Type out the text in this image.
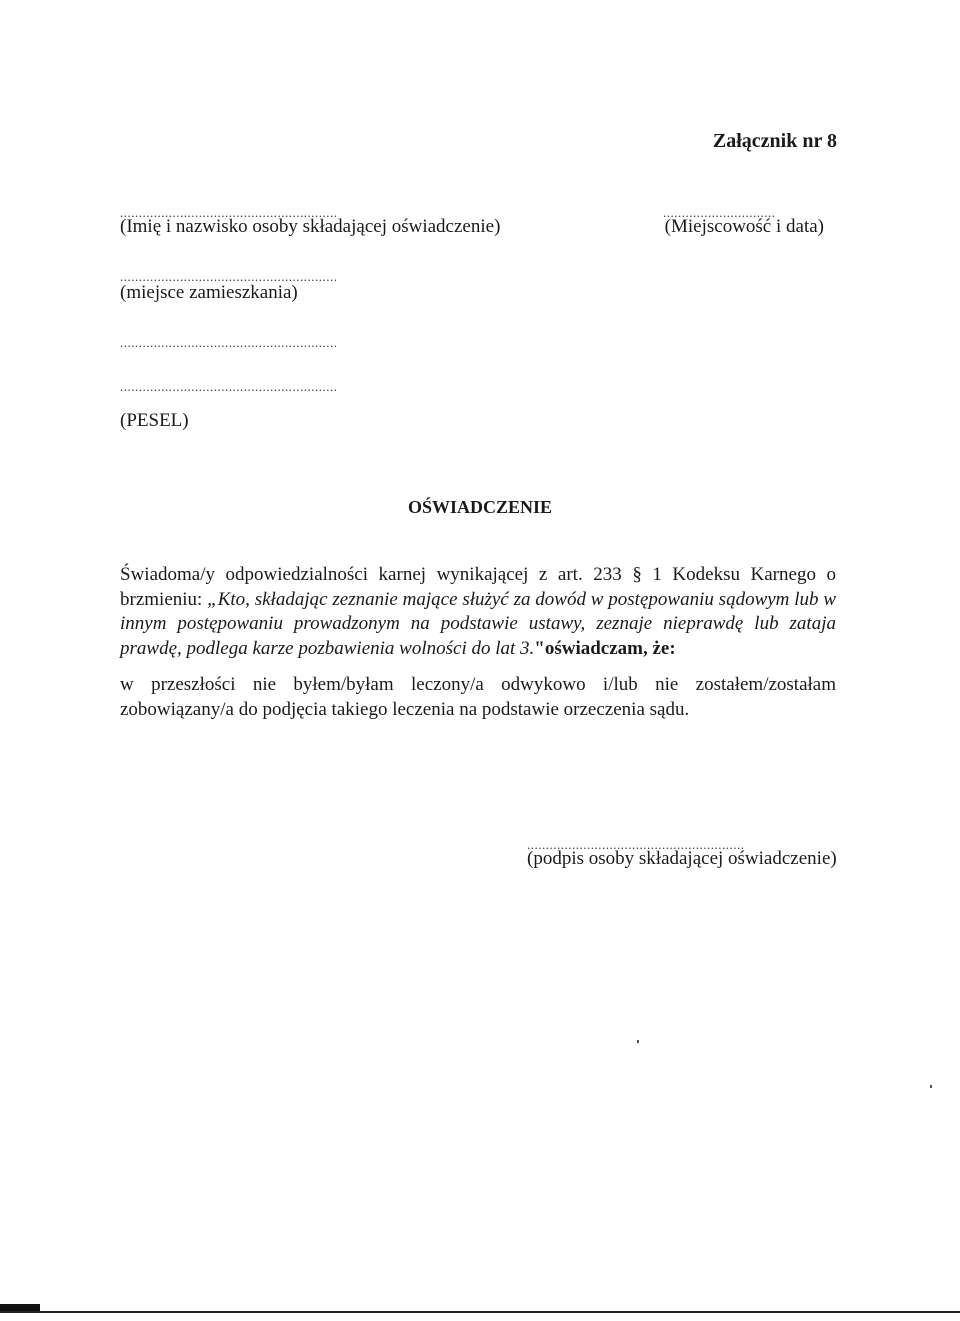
Załącznik nr 8
..........................................................
(Imię i nazwisko osoby składającej oświadczenie)
..............................
(Miejscowość i data)
..........................................................
(miejsce zamieszkania)
..........................................................
..........................................................
(PESEL)
OŚWIADCZENIE
Świadoma/y odpowiedzialności karnej wynikającej z art. 233 § 1 Kodeksu Karnego o brzmieniu: „Kto, składając zeznanie mające służyć za dowód w postępowaniu sądowym lub w innym postępowaniu prowadzonym na podstawie ustawy, zeznaje nieprawdę lub zataja prawdę, podlega karze pozbawienia wolności do lat 3."oświadczam, że:
w przeszłości nie byłem/byłam leczony/a odwykowo i/lub nie zostałem/zostałam zobowiązany/a do podjęcia takiego leczenia na podstawie orzeczenia sądu.
..........................................................
(podpis osoby składającej oświadczenie)
